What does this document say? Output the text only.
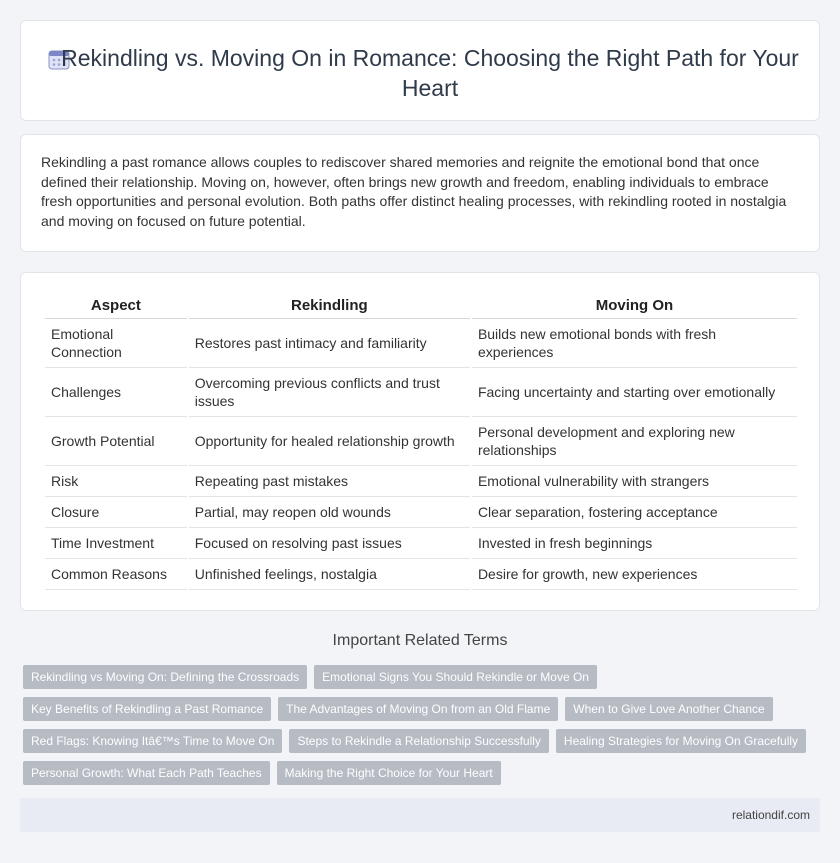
Rekindling vs. Moving On in Romance: Choosing the Right Path for Your Heart

Rekindling a past romance allows couples to rediscover shared memories and reignite the emotional bond that once defined their relationship. Moving on, however, often brings new growth and freedom, enabling individuals to embrace fresh opportunities and personal evolution. Both paths offer distinct healing processes, with rekindling rooted in nostalgia and moving on focused on future potential.

Aspect	Rekindling	Moving On
Emotional Connection	Restores past intimacy and familiarity	Builds new emotional bonds with fresh experiences
Challenges	Overcoming previous conflicts and trust issues	Facing uncertainty and starting over emotionally
Growth Potential	Opportunity for healed relationship growth	Personal development and exploring new relationships
Risk	Repeating past mistakes	Emotional vulnerability with strangers
Closure	Partial, may reopen old wounds	Clear separation, fostering acceptance
Time Investment	Focused on resolving past issues	Invested in fresh beginnings
Common Reasons	Unfinished feelings, nostalgia	Desire for growth, new experiences
Important Related Terms
Rekindling vs Moving On: Defining the Crossroads	Emotional Signs You Should Rekindle or Move On
Key Benefits of Rekindling a Past Romance	The Advantages of Moving On from an Old Flame	When to Give Love Another Chance
Red Flags: Knowing Itâ€™s Time to Move On	Steps to Rekindle a Relationship Successfully	Healing Strategies for Moving On Gracefully
Personal Growth: What Each Path Teaches	Making the Right Choice for Your Heart
relationdif.com
